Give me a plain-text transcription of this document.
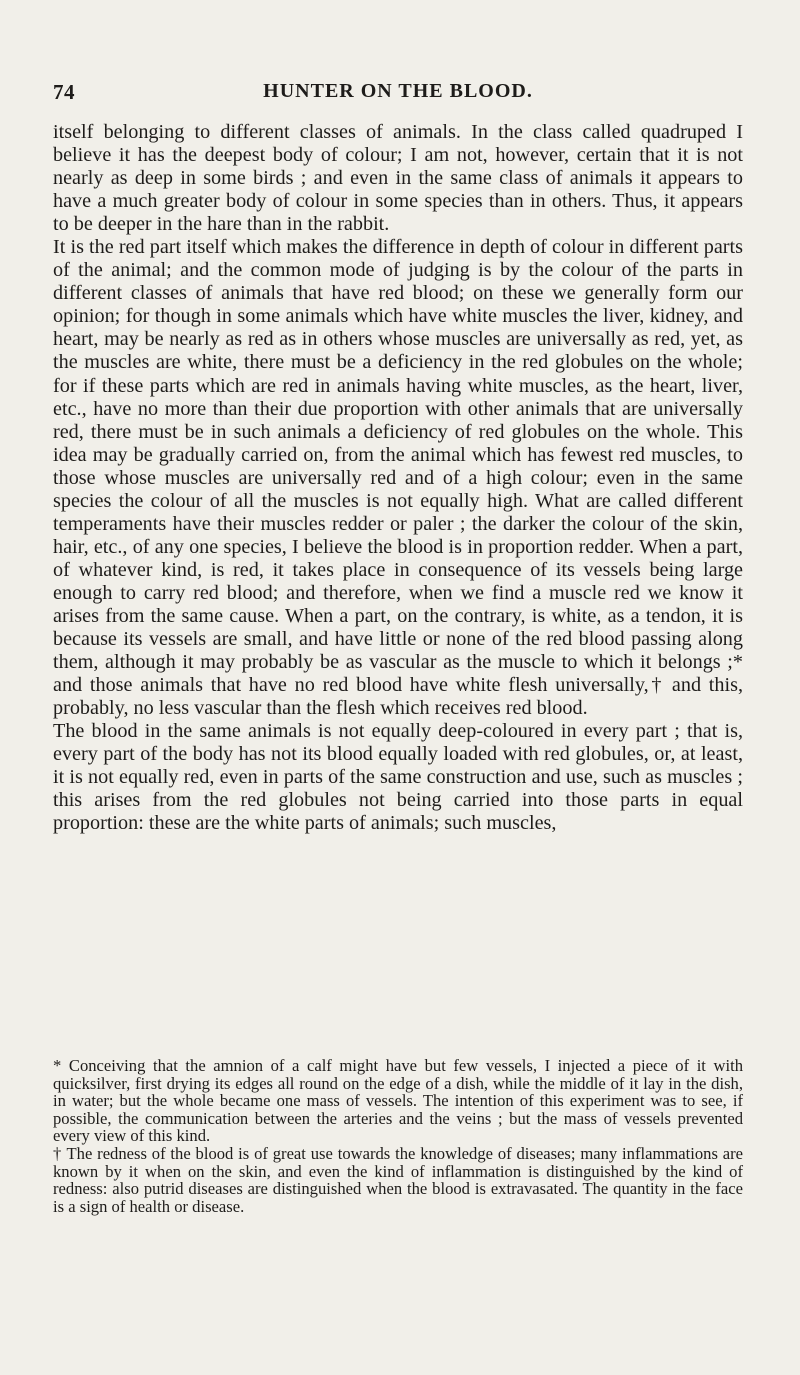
74	HUNTER ON THE BLOOD.

itself belonging to different classes of animals. In the class called quadruped I believe it has the deepest body of colour; I am not, however, certain that it is not nearly as deep in some birds ; and even in the same class of animals it appears to have a much greater body of colour in some species than in others. Thus, it appears to be deeper in the hare than in the rabbit.

It is the red part itself which makes the difference in depth of colour in different parts of the animal; and the common mode of judging is by the colour of the parts in different classes of animals that have red blood; on these we generally form our opinion; for though in some animals which have white muscles the liver, kidney, and heart, may be nearly as red as in others whose muscles are universally as red, yet, as the muscles are white, there must be a deficiency in the red globules on the whole; for if these parts which are red in animals having white muscles, as the heart, liver, etc., have no more than their due proportion with other animals that are universally red, there must be in such animals a deficiency of red globules on the whole. This idea may be gradually carried on, from the animal which has fewest red muscles, to those whose muscles are universally red and of a high colour; even in the same species the colour of all the muscles is not equally high. What are called different temperaments have their muscles redder or paler ; the darker the colour of the skin, hair, etc., of any one species, I believe the blood is in proportion redder. When a part, of whatever kind, is red, it takes place in consequence of its vessels being large enough to carry red blood; and therefore, when we find a muscle red we know it arises from the same cause. When a part, on the contrary, is white, as a tendon, it is because its vessels are small, and have little or none of the red blood passing along them, although it may probably be as vascular as the muscle to which it belongs ;* and those animals that have no red blood have white flesh universally,† and this, probably, no less vascular than the flesh which receives red blood.

The blood in the same animals is not equally deep-coloured in every part ; that is, every part of the body has not its blood equally loaded with red globules, or, at least, it is not equally red, even in parts of the same construction and use, such as muscles ; this arises from the red globules not being carried into those parts in equal proportion: these are the white parts of animals; such muscles,

* Conceiving that the amnion of a calf might have but few vessels, I injected a piece of it with quicksilver, first drying its edges all round on the edge of a dish, while the middle of it lay in the dish, in water; but the whole became one mass of vessels. The intention of this experiment was to see, if possible, the communication between the arteries and the veins ; but the mass of vessels prevented every view of this kind.

† The redness of the blood is of great use towards the knowledge of diseases; many inflammations are known by it when on the skin, and even the kind of inflammation is distinguished by the kind of redness: also putrid diseases are distinguished when the blood is extravasated. The quantity in the face is a sign of health or disease.
